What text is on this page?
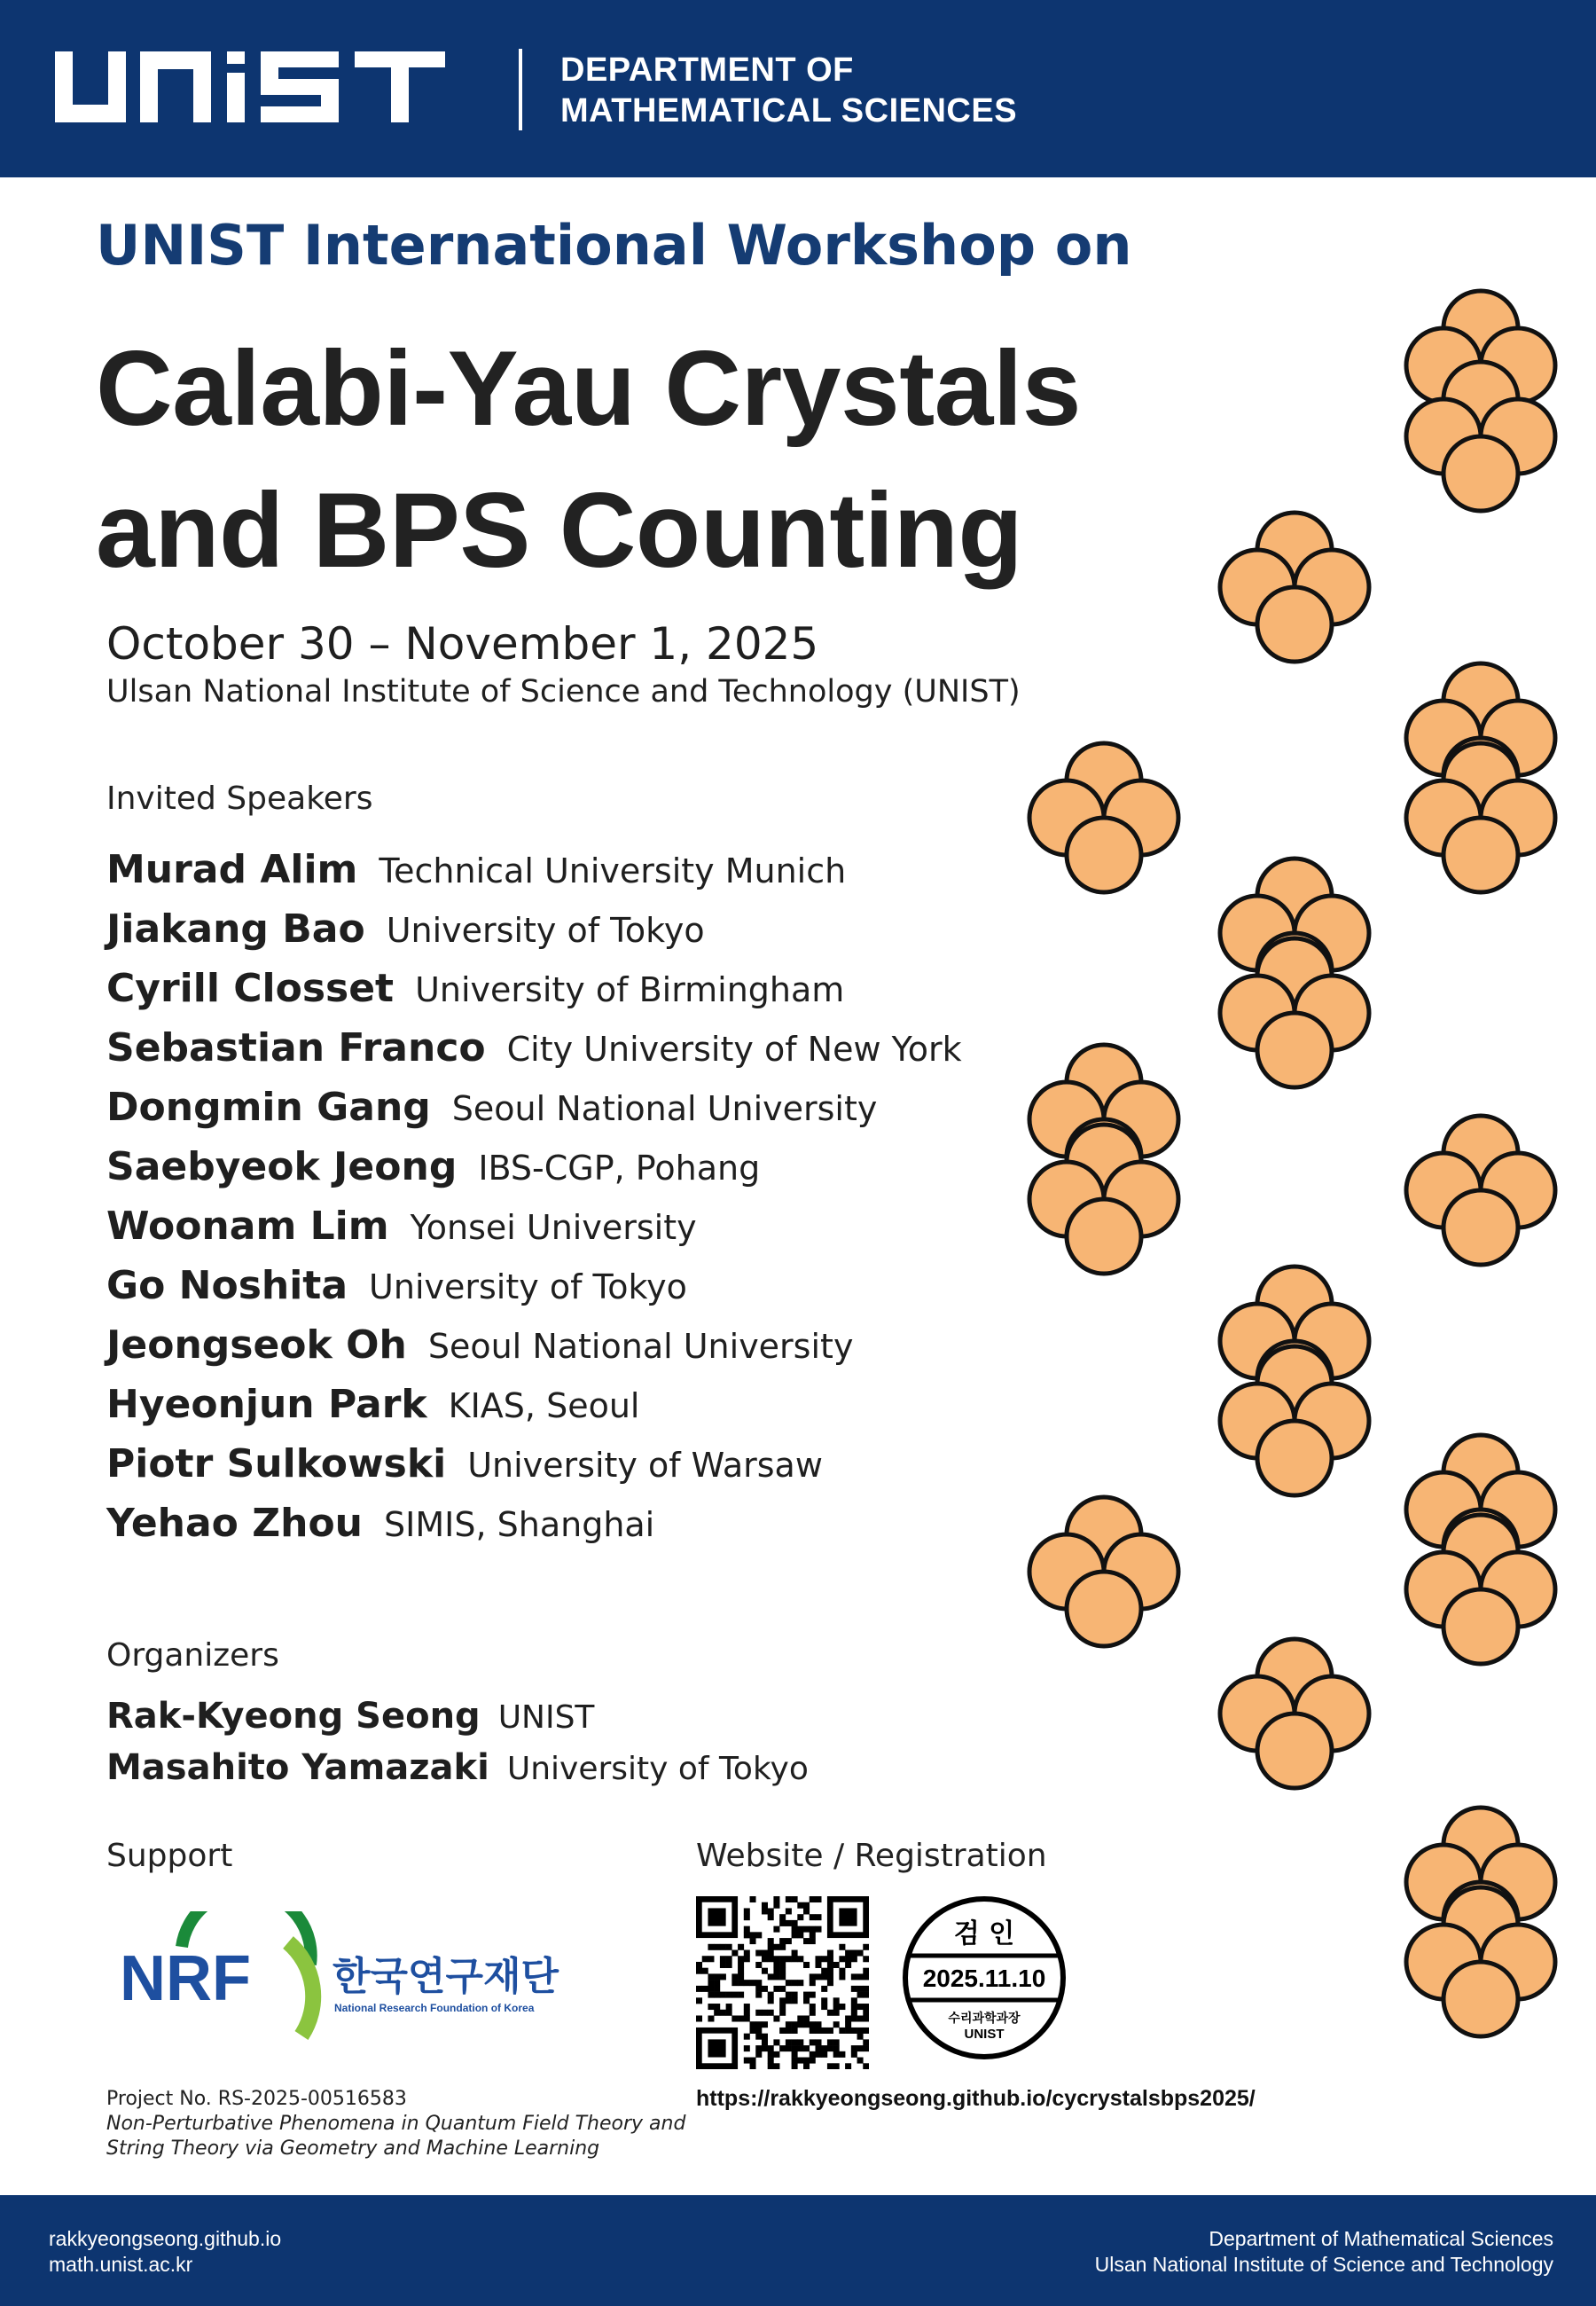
DEPARTMENT OF
MATHEMATICAL SCIENCES
UNIST International Workshop on
Calabi-Yau Crystals
and BPS Counting
October 30 – November 1, 2025
Ulsan National Institute of Science and Technology (UNIST)
Invited Speakers
Murad Alim Technical University Munich
Jiakang Bao University of Tokyo
Cyrill Closset University of Birmingham
Sebastian Franco City University of New York
Dongmin Gang Seoul National University
Saebyeok Jeong IBS-CGP, Pohang
Woonam Lim Yonsei University
Go Noshita University of Tokyo
Jeongseok Oh Seoul National University
Hyeonjun Park KIAS, Seoul
Piotr Sulkowski University of Warsaw
Yehao Zhou SIMIS, Shanghai
Organizers
Rak-Kyeong Seong UNIST
Masahito Yamazaki University of Tokyo
Support
NRF 한국연구재단
National Research Foundation of Korea
Project No. RS-2025-00516583
Non-Perturbative Phenomena in Quantum Field Theory and
String Theory via Geometry and Machine Learning
Website / Registration
검 인
2025.11.10
수리과학과장
UNIST
https://rakkyeongseong.github.io/cycrystalsbps2025/
rakkyeongseong.github.io
math.unist.ac.kr
Department of Mathematical Sciences
Ulsan National Institute of Science and Technology
